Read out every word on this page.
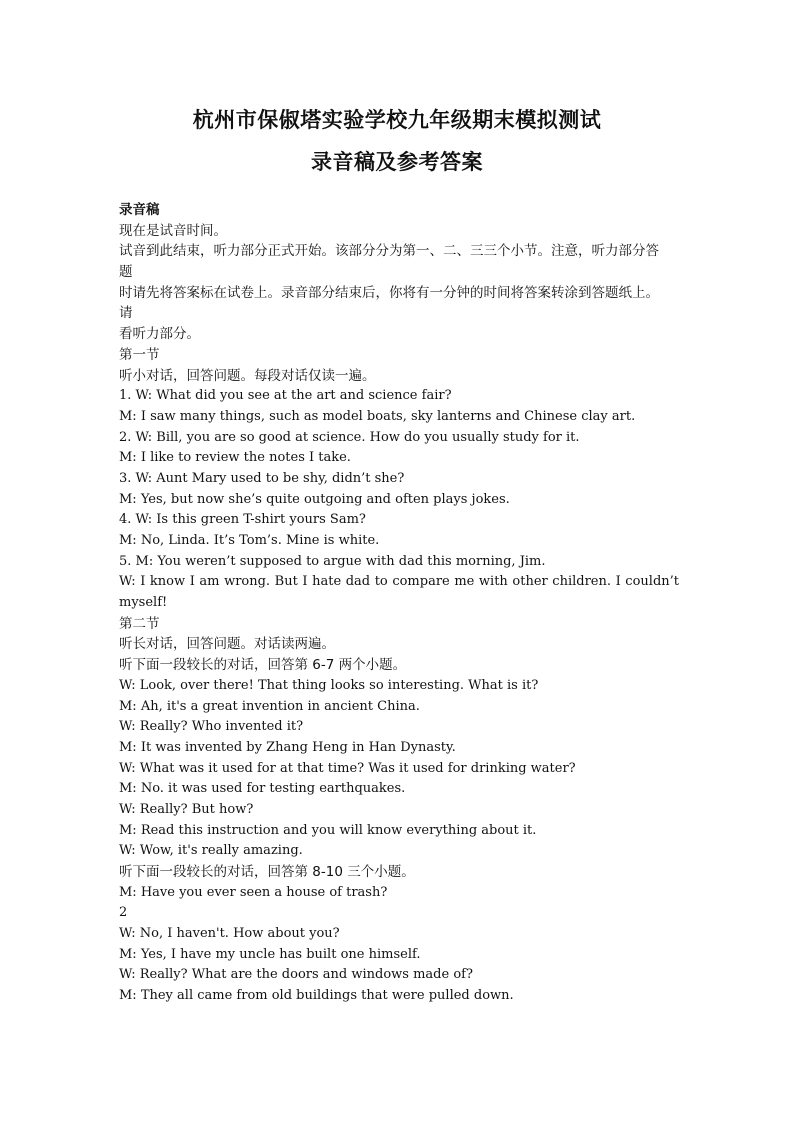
杭州市保俶塔实验学校九年级期末模拟测试
录音稿及参考答案
录音稿
现在是试音时间。
试音到此结束，听力部分正式开始。该部分分为第一、二、三三个小节。注意，听力部分答
题
时请先将答案标在试卷上。录音部分结束后，你将有一分钟的时间将答案转涂到答题纸上。
请
看听力部分。
第一节
听小对话，回答问题。每段对话仅读一遍。
1. W: What did you see at the art and science fair?
M: I saw many things, such as model boats, sky lanterns and Chinese clay art.
2. W: Bill, you are so good at science. How do you usually study for it.
M: I like to review the notes I take.
3. W: Aunt Mary used to be shy, didn’t she?
M: Yes, but now she’s quite outgoing and often plays jokes.
4. W: Is this green T-shirt yours Sam?
M: No, Linda. It’s Tom’s. Mine is white.
5. M: You weren’t supposed to argue with dad this morning, Jim.
W: I know I am wrong. But I hate dad to compare me with other children. I couldn’t
myself!
第二节
听长对话，回答问题。对话读两遍。
听下面一段较长的对话，回答第 6-7 两个小题。
W: Look, over there! That thing looks so interesting. What is it?
M: Ah, it's a great invention in ancient China.
W: Really? Who invented it?
M: It was invented by Zhang Heng in Han Dynasty.
W: What was it used for at that time? Was it used for drinking water?
M: No. it was used for testing earthquakes.
W: Really? But how?
M: Read this instruction and you will know everything about it.
W: Wow, it's really amazing.
听下面一段较长的对话，回答第 8-10 三个小题。
M: Have you ever seen a house of trash?
2
W: No, I haven't. How about you?
M: Yes, I have my uncle has built one himself.
W: Really? What are the doors and windows made of?
M: They all came from old buildings that were pulled down.
